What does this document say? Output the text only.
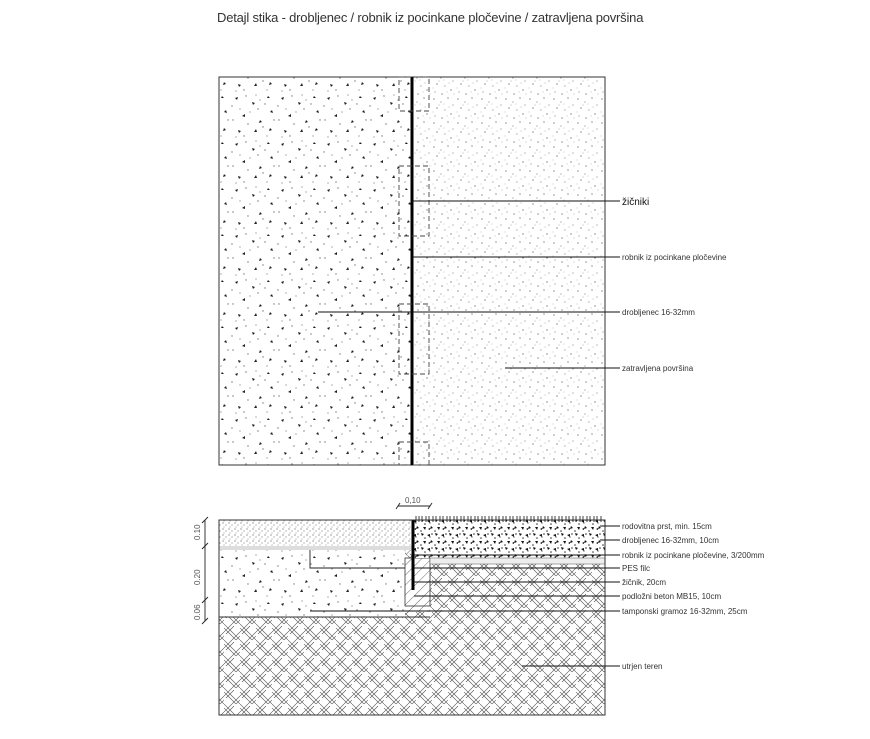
Detajl stika - drobljenec / robnik iz pocinkane pločevine / zatravljena površina
žičniki
robnik iz pocinkane pločevine
drobljenec 16-32mm
zatravljena površina
0.10
0.20
0.06
0,10
rodovitna prst, min. 15cm
drobljenec 16-32mm, 10cm
robnik iz pocinkane pločevine, 3/200mm
PES filc
žičnik, 20cm
podložni beton MB15, 10cm
tamponski gramoz 16-32mm, 25cm
utrjen teren
